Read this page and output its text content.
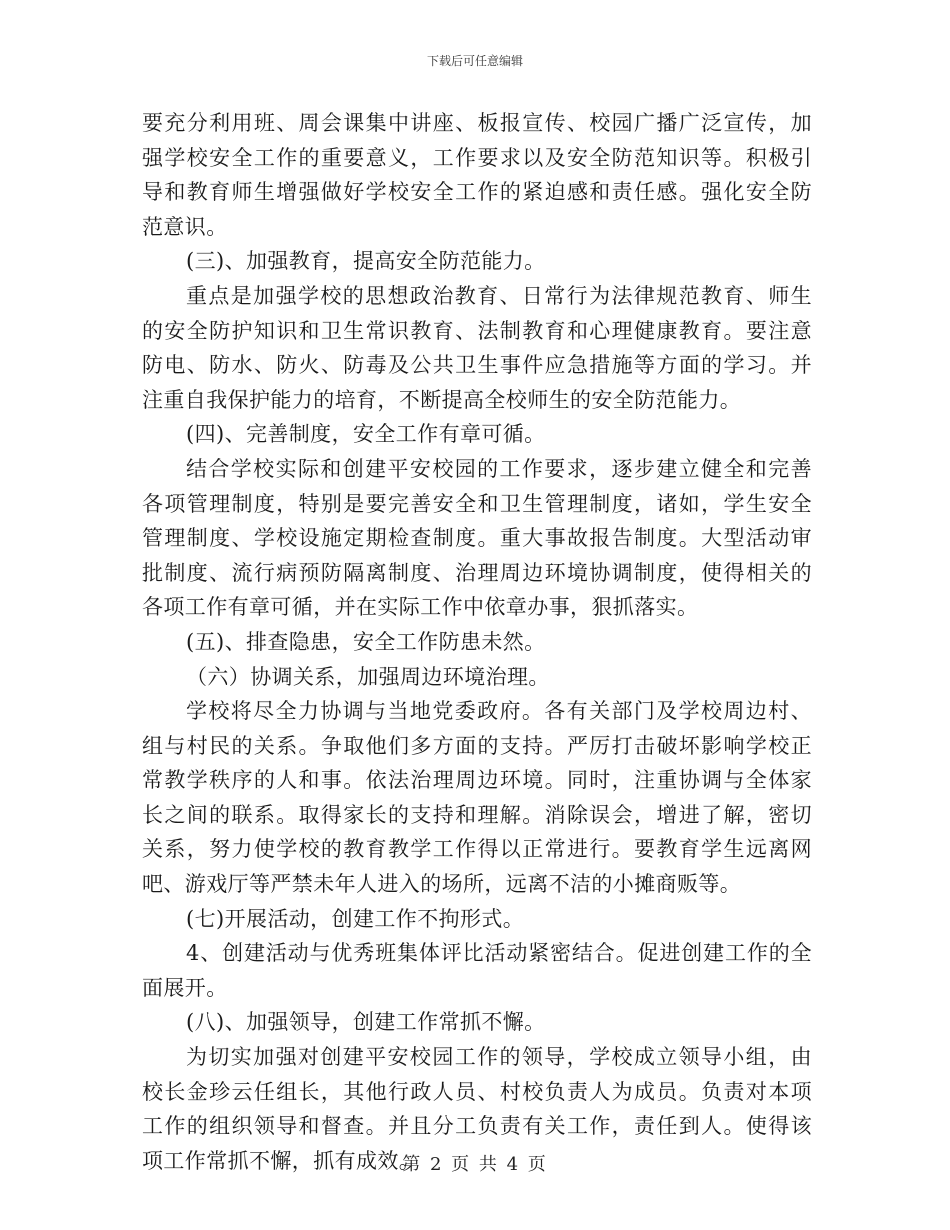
下载后可任意编辑
要充分利用班、周会课集中讲座、板报宣传、校园广播广泛宣传，加
强学校安全工作的重要意义，工作要求以及安全防范知识等。积极引
导和教育师生增强做好学校安全工作的紧迫感和责任感。强化安全防
范意识。
(三)、加强教育，提高安全防范能力。
重点是加强学校的思想政治教育、日常行为法律规范教育、师生
的安全防护知识和卫生常识教育、法制教育和心理健康教育。要注意
防电、防水、防火、防毒及公共卫生事件应急措施等方面的学习。并
注重自我保护能力的培育，不断提高全校师生的安全防范能力。
(四)、完善制度，安全工作有章可循。
结合学校实际和创建平安校园的工作要求，逐步建立健全和完善
各项管理制度，特别是要完善安全和卫生管理制度，诸如，学生安全
管理制度、学校设施定期检查制度。重大事故报告制度。大型活动审
批制度、流行病预防隔离制度、治理周边环境协调制度，使得相关的
各项工作有章可循，并在实际工作中依章办事，狠抓落实。
(五)、排查隐患，安全工作防患未然。
（六）协调关系，加强周边环境治理。
学校将尽全力协调与当地党委政府。各有关部门及学校周边村、
组与村民的关系。争取他们多方面的支持。严厉打击破坏影响学校正
常教学秩序的人和事。依法治理周边环境。同时，注重协调与全体家
长之间的联系。取得家长的支持和理解。消除误会，增进了解，密切
关系，努力使学校的教育教学工作得以正常进行。要教育学生远离网
吧、游戏厅等严禁未年人进入的场所，远离不洁的小摊商贩等。
(七)开展活动，创建工作不拘形式。
4、创建活动与优秀班集体评比活动紧密结合。促进创建工作的全
面展开。
(八)、加强领导，创建工作常抓不懈。
为切实加强对创建平安校园工作的领导，学校成立领导小组，由
校长金珍云任组长，其他行政人员、村校负责人为成员。负责对本项
工作的组织领导和督查。并且分工负责有关工作，责任到人。使得该
项工作常抓不懈，抓有成效。
第 2 页 共 4 页
